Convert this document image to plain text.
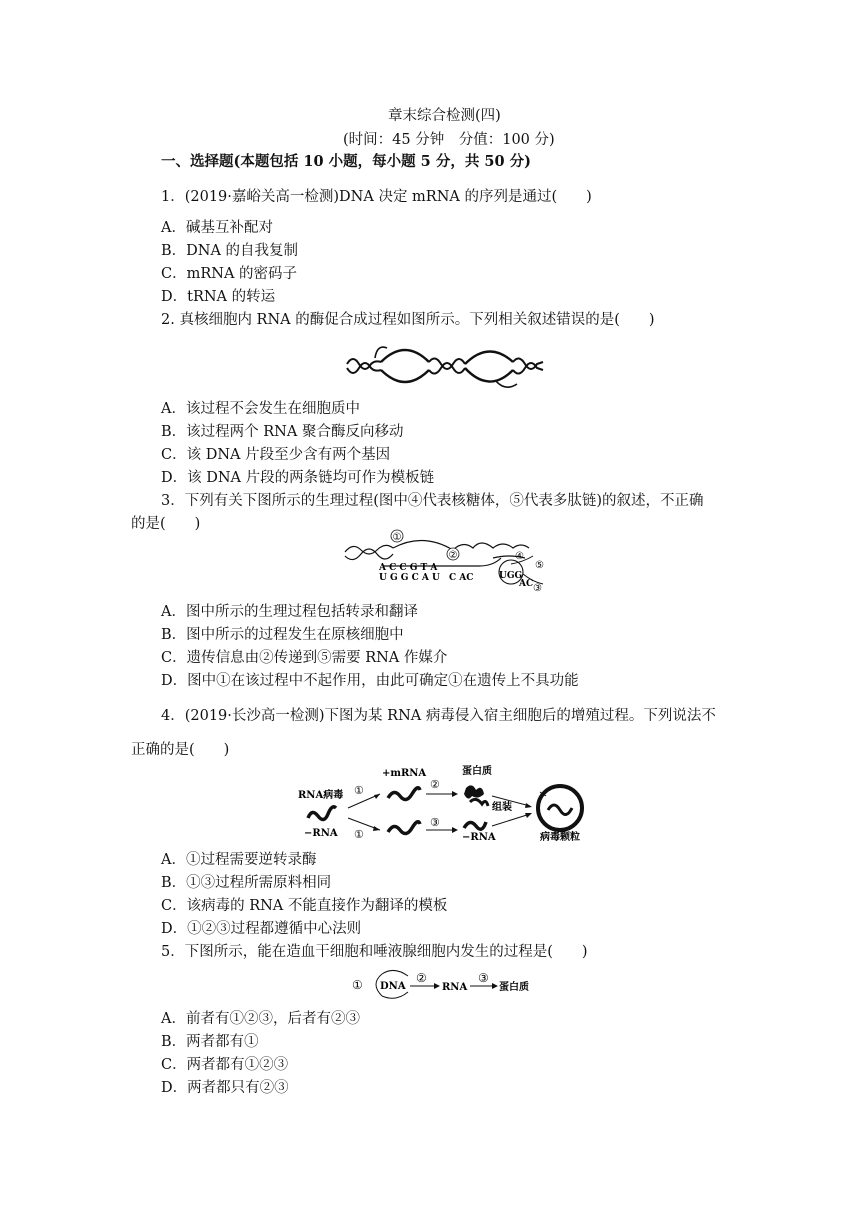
章末综合检测(四)
(时间：45 分钟　分值：100 分)
一、选择题(本题包括 10 小题，每小题 5 分，共 50 分)
1．(2019·嘉峪关高一检测)DNA 决定 mRNA 的序列是通过(　　)
A．碱基互补配对
B．DNA 的自我复制
C．mRNA 的密码子
D．tRNA 的转运
2. 真核细胞内 RNA 的酶促合成过程如图所示。下列相关叙述错误的是(　　)
A．该过程不会发生在细胞质中
B．该过程两个 RNA 聚合酶反向移动
C．该 DNA 片段至少含有两个基因
D．该 DNA 片段的两条链均可作为模板链
3．下列有关下图所示的生理过程(图中④代表核糖体，⑤代表多肽链)的叙述，不正确
的是(　　)
①
②	④
⑤
③
A C C G T A
U G G C A U C AC	UGG
AC
A．图中所示的生理过程包括转录和翻译
B．图中所示的过程发生在原核细胞中
C．遗传信息由②传递到⑤需要 RNA 作媒介
D．图中①在该过程中不起作用，由此可确定①在遗传上不具功能
4．(2019·长沙高一检测)下图为某 RNA 病毒侵入宿主细胞后的增殖过程。下列说法不
正确的是(　　)
RNA病毒
−RNA
①
①
+mRNA
②
③
蛋白质
组装
−RNA	病毒颗粒
A．①过程需要逆转录酶
B．①③过程所需原料相同
C．该病毒的 RNA 不能直接作为翻译的模板
D．①②③过程都遵循中心法则
5．下图所示，能在造血干细胞和唾液腺细胞内发生的过程是(　　)
① DNA
②
RNA
③
蛋白质
A．前者有①②③，后者有②③
B．两者都有①
C．两者都有①②③
D．两者都只有②③
